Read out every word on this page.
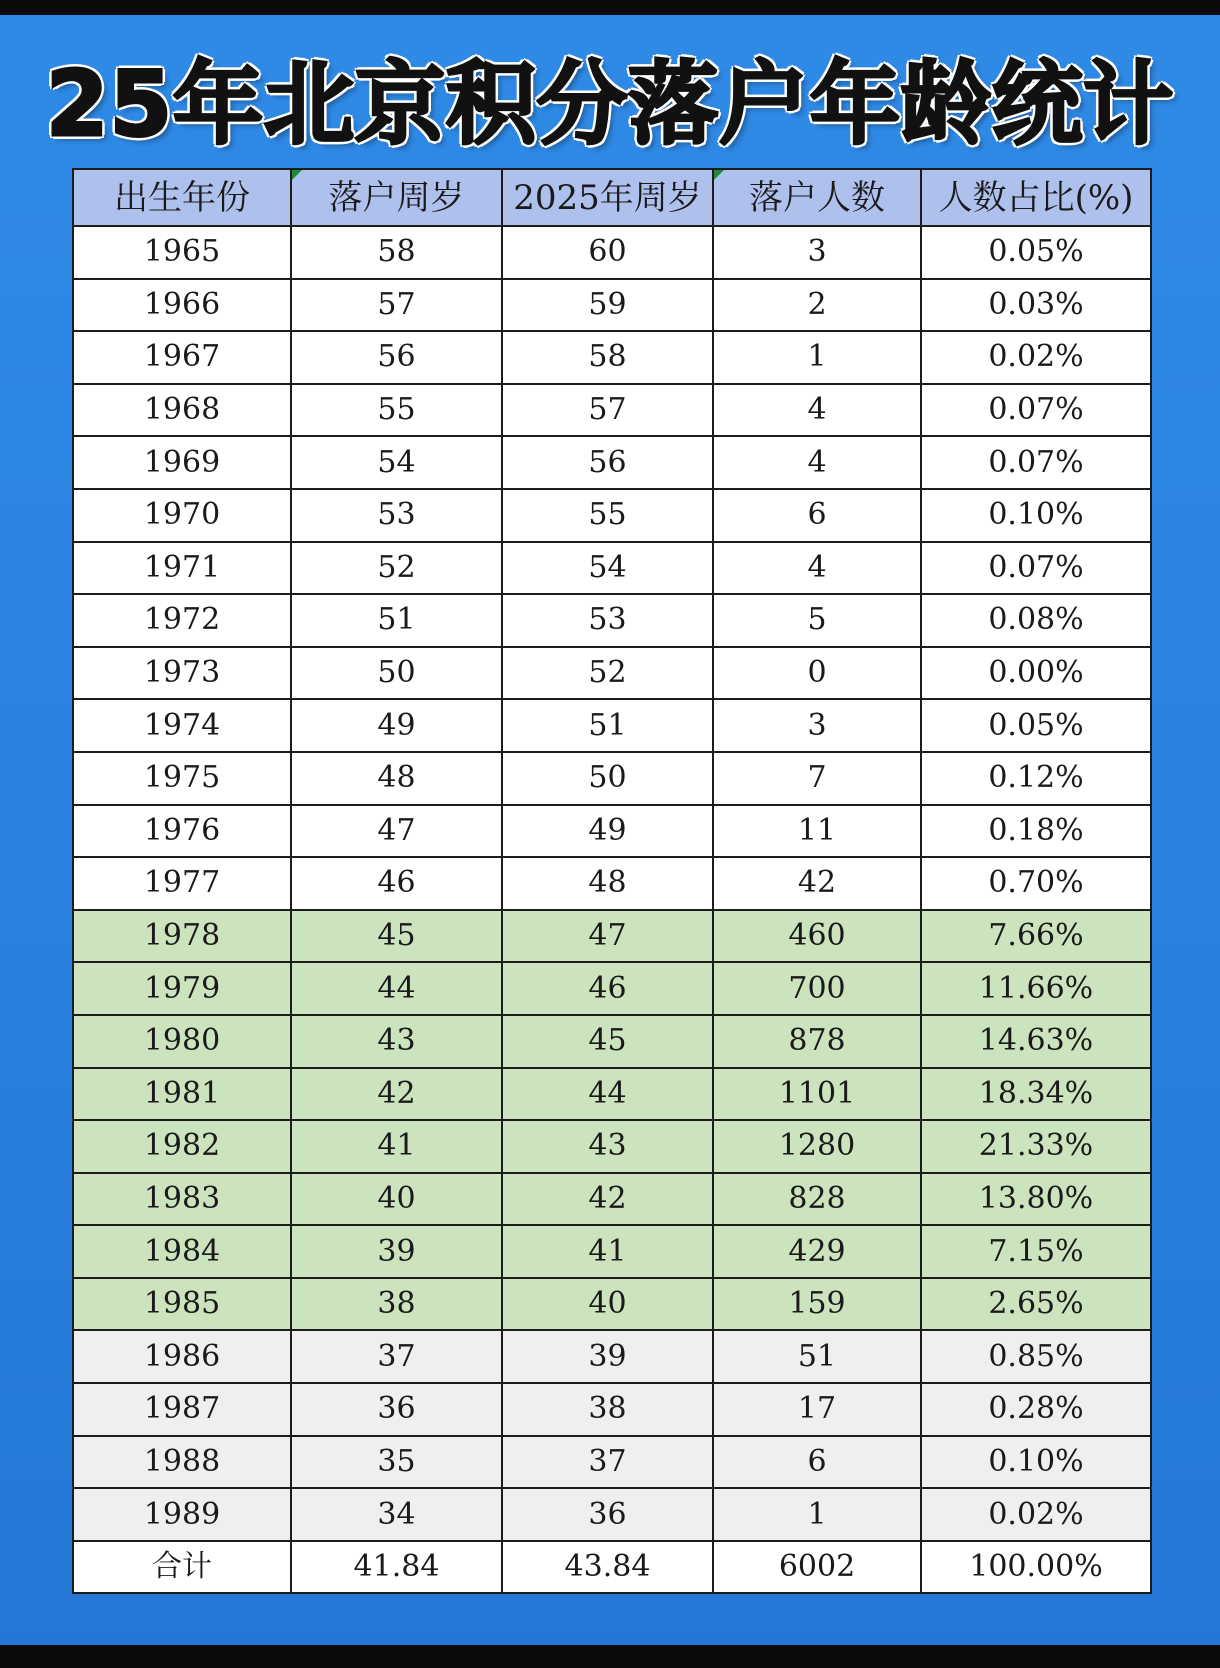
25年北京积分落户年龄统计
出生年份	落户周岁	2025年周岁	落户人数	人数占比(%)
1965	58	60	3	0.05%
1966	57	59	2	0.03%
1967	56	58	1	0.02%
1968	55	57	4	0.07%
1969	54	56	4	0.07%
1970	53	55	6	0.10%
1971	52	54	4	0.07%
1972	51	53	5	0.08%
1973	50	52	0	0.00%
1974	49	51	3	0.05%
1975	48	50	7	0.12%
1976	47	49	11	0.18%
1977	46	48	42	0.70%
1978	45	47	460	7.66%
1979	44	46	700	11.66%
1980	43	45	878	14.63%
1981	42	44	1101	18.34%
1982	41	43	1280	21.33%
1983	40	42	828	13.80%
1984	39	41	429	7.15%
1985	38	40	159	2.65%
1986	37	39	51	0.85%
1987	36	38	17	0.28%
1988	35	37	6	0.10%
1989	34	36	1	0.02%
合计	41.84	43.84	6002	100.00%
